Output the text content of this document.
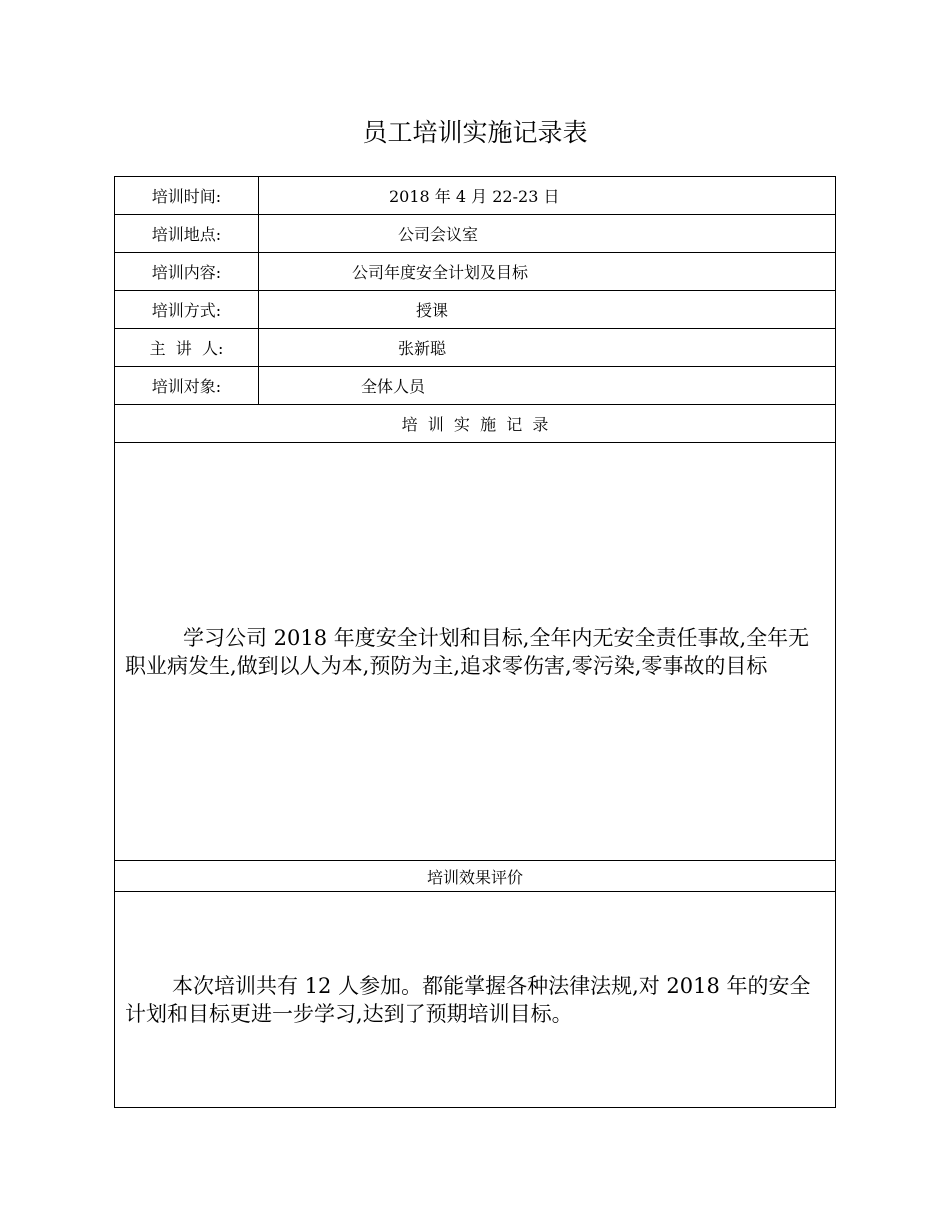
员工培训实施记录表
培训时间:	2018 年 4 月 22-23 日
培训地点:	公司会议室
培训内容:	公司年度安全计划及目标
培训方式:	授课
主  讲  人:	张新聪
培训对象:	全体人员
培  训  实  施  记  录	

学习公司 2018 年度安全计划和目标,全年内无安全责任事故,全年无职业病发生,做到以人为本,预防为主,追求零伤害,零污染,零事故的目标	

培训效果评价	

本次培训共有 12 人参加。都能掌握各种法律法规,对 2018 年的安全计划和目标更进一步学习,达到了预期培训目标。	
